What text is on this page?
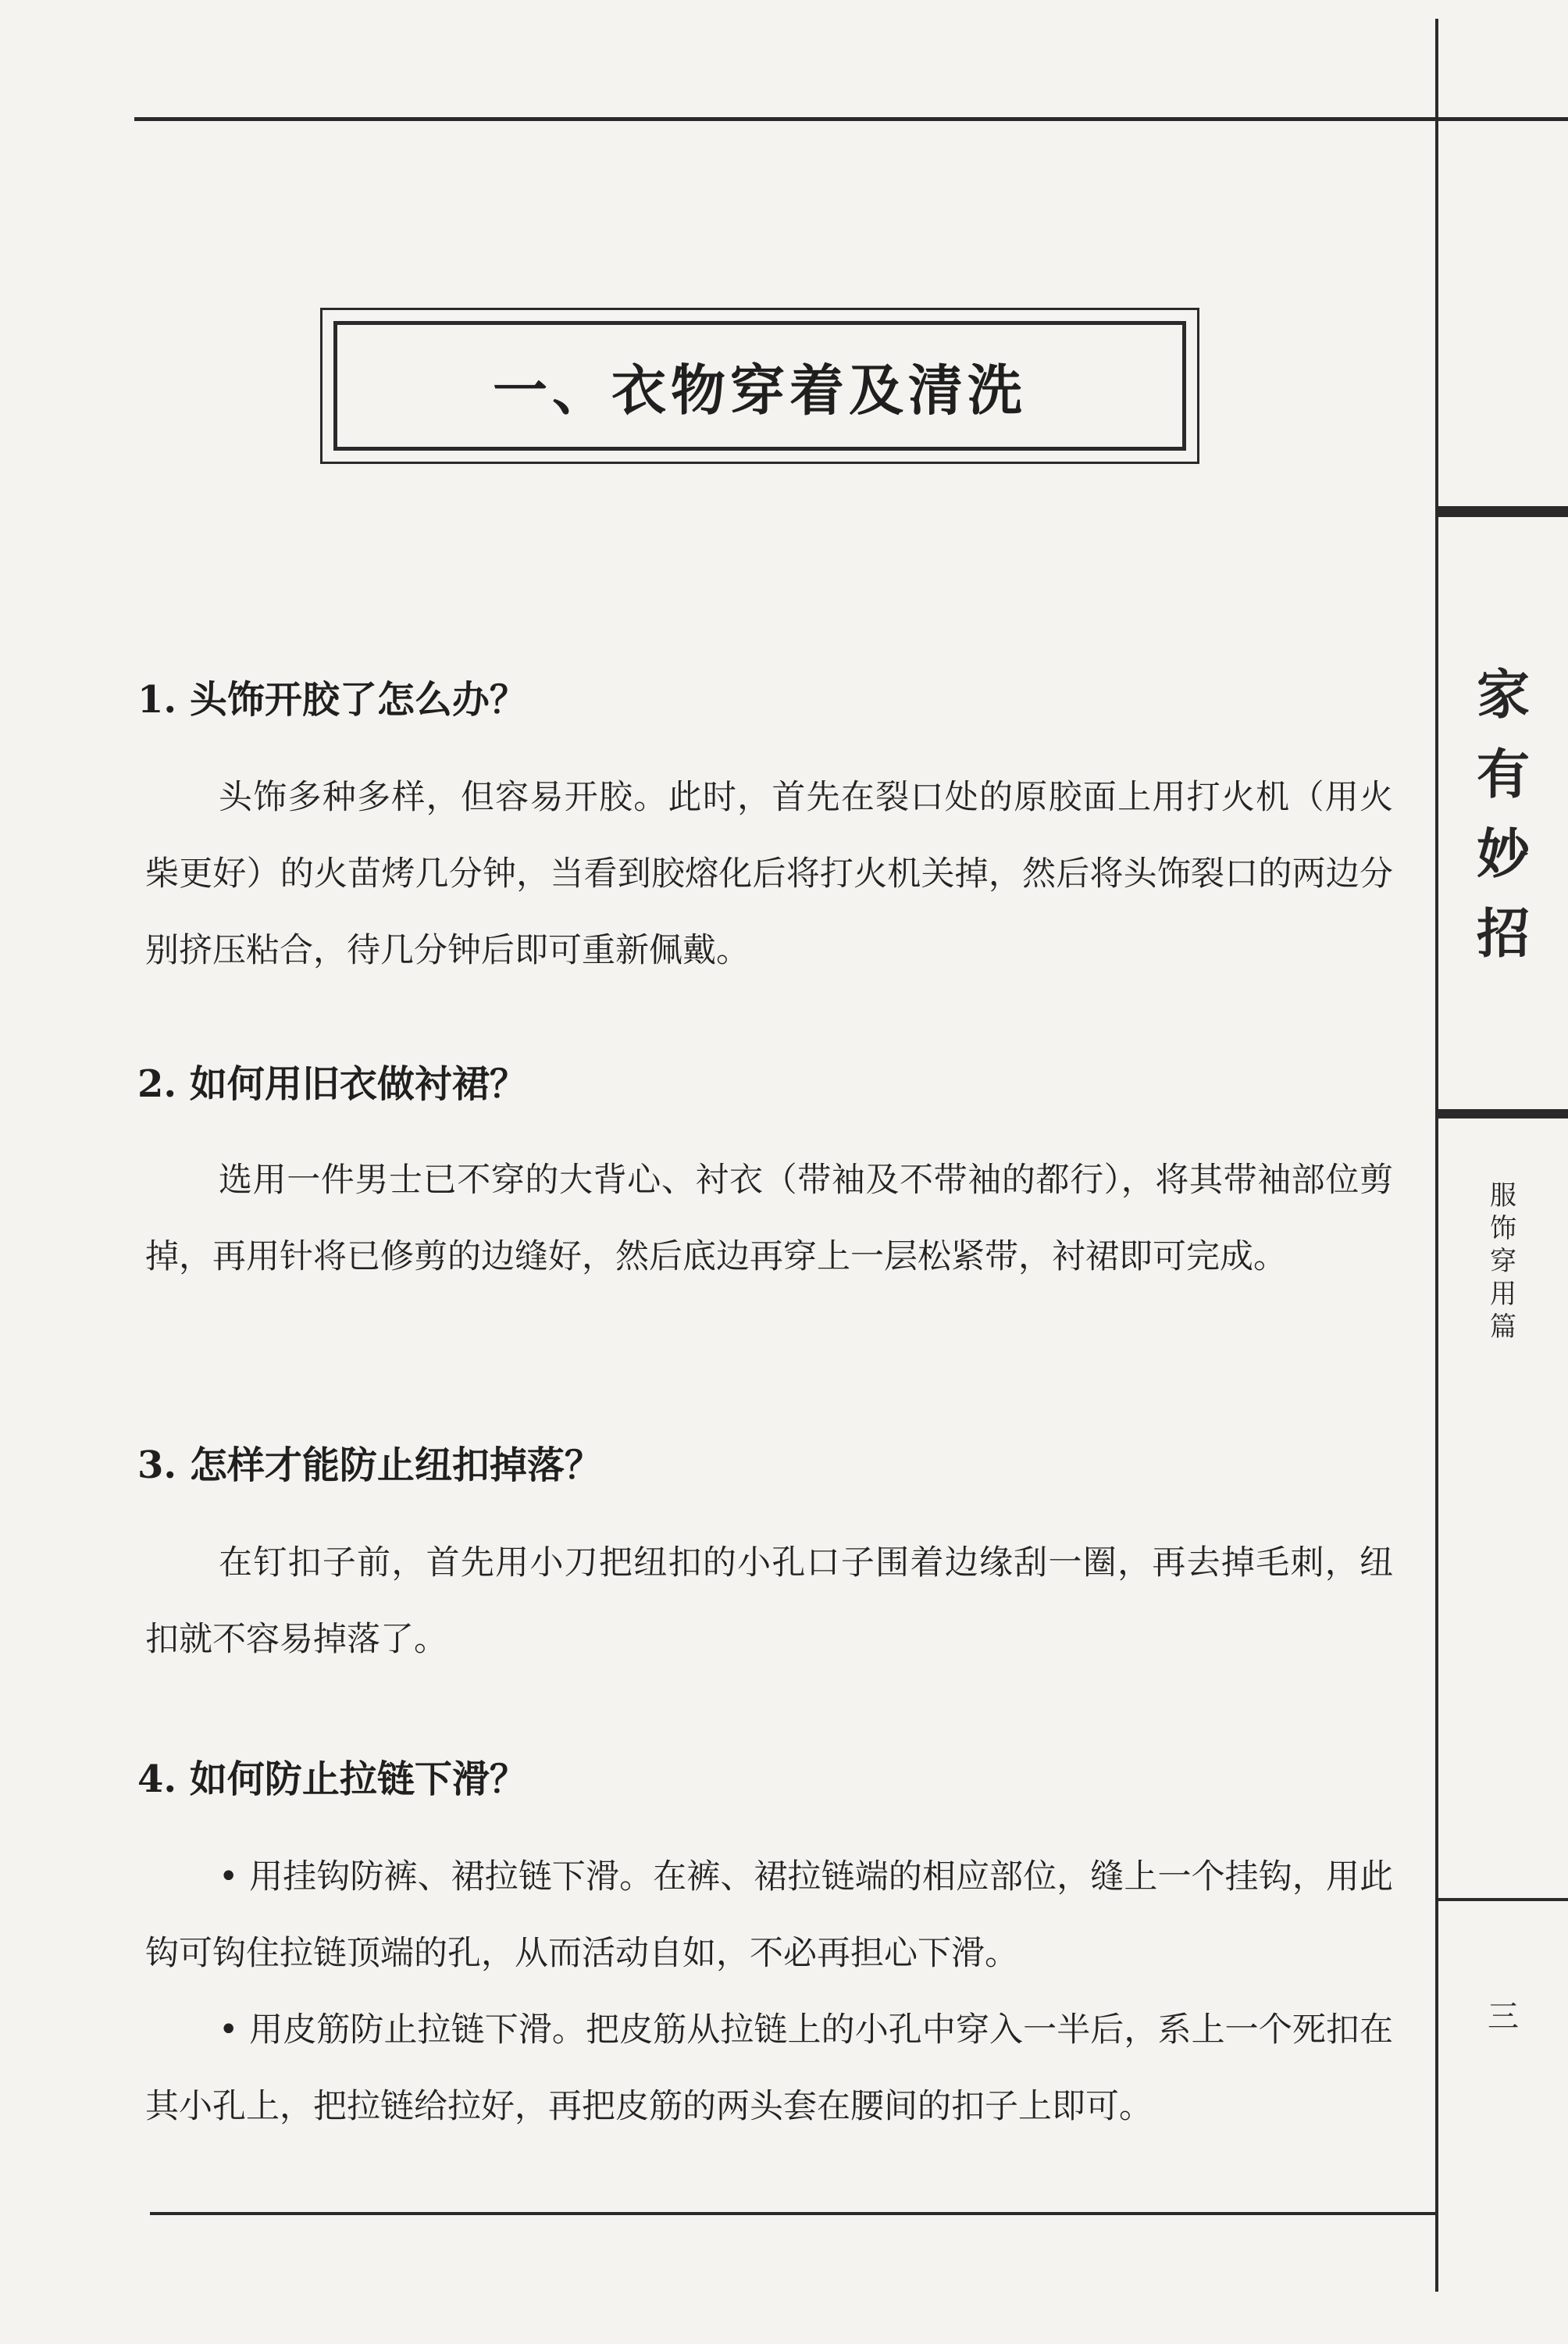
家
有
妙
招
服
饰
穿
用
篇
三
一、衣物穿着及清洗
1. 头饰开胶了怎么办？

头饰多种多样，但容易开胶。此时，首先在裂口处的原胶面上用打火机（用火柴更好）的火苗烤几分钟，当看到胶熔化后将打火机关掉，然后将头饰裂口的两边分别挤压粘合，待几分钟后即可重新佩戴。

2. 如何用旧衣做衬裙？

选用一件男士已不穿的大背心、衬衣（带袖及不带袖的都行），将其带袖部位剪掉，再用针将已修剪的边缝好，然后底边再穿上一层松紧带，衬裙即可完成。

3. 怎样才能防止纽扣掉落？

在钉扣子前，首先用小刀把纽扣的小孔口子围着边缘刮一圈，再去掉毛刺，纽扣就不容易掉落了。

4. 如何防止拉链下滑？

• 用挂钩防裤、裙拉链下滑。在裤、裙拉链端的相应部位，缝上一个挂钩，用此钩可钩住拉链顶端的孔，从而活动自如，不必再担心下滑。

• 用皮筋防止拉链下滑。把皮筋从拉链上的小孔中穿入一半后，系上一个死扣在其小孔上，把拉链给拉好，再把皮筋的两头套在腰间的扣子上即可。
